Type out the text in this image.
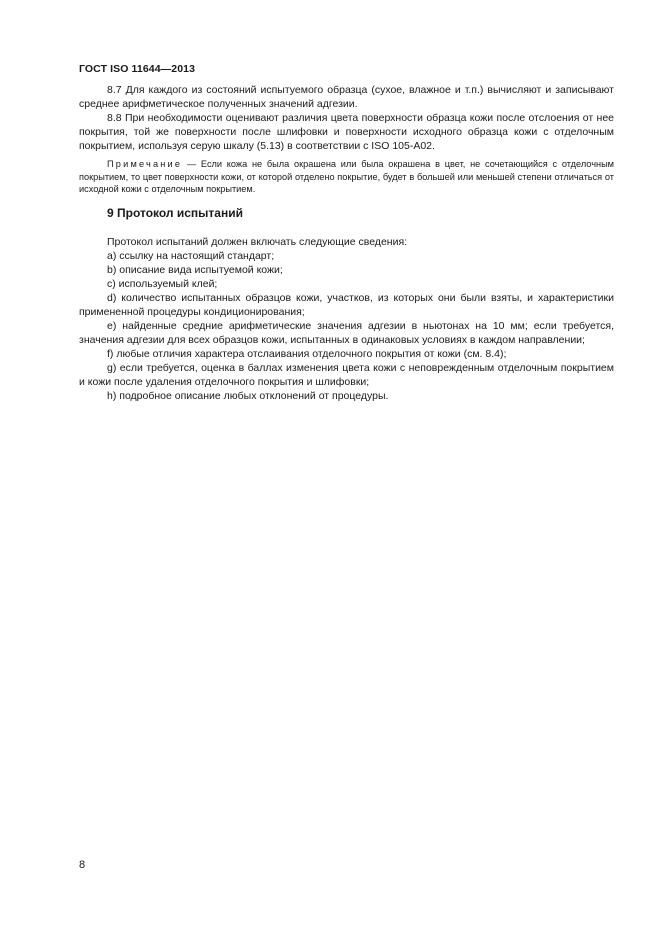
ГОСТ ISO 11644—2013

8.7 Для каждого из состояний испытуемого образца (сухое, влажное и т.п.) вычисляют и записывают среднее арифметическое полученных значений адгезии.

8.8 При необходимости оценивают различия цвета поверхности образца кожи после отслоения от нее покрытия, той же поверхности после шлифовки и поверхности исходного образца кожи с отделочным покрытием, используя серую шкалу (5.13) в соответствии с ISO 105-A02.

Примечание — Если кожа не была окрашена или была окрашена в цвет, не сочетающийся с отделочным покрытием, то цвет поверхности кожи, от которой отделено покрытие, будет в большей или меньшей степени отличаться от исходной кожи с отделочным покрытием.

9 Протокол испытаний

Протокол испытаний должен включать следующие сведения:

а) ссылку на настоящий стандарт;

b) описание вида испытуемой кожи;

с) используемый клей;

d) количество испытанных образцов кожи, участков, из которых они были взяты, и характеристики примененной процедуры кондиционирования;

е) найденные средние арифметические значения адгезии в ньютонах на 10 мм; если требуется, значения адгезии для всех образцов кожи, испытанных в одинаковых условиях в каждом направлении;

f) любые отличия характера отслаивания отделочного покрытия от кожи (см. 8.4);

g) если требуется, оценка в баллах изменения цвета кожи с неповрежденным отделочным покрытием и кожи после удаления отделочного покрытия и шлифовки;

h) подробное описание любых отклонений от процедуры.

8
